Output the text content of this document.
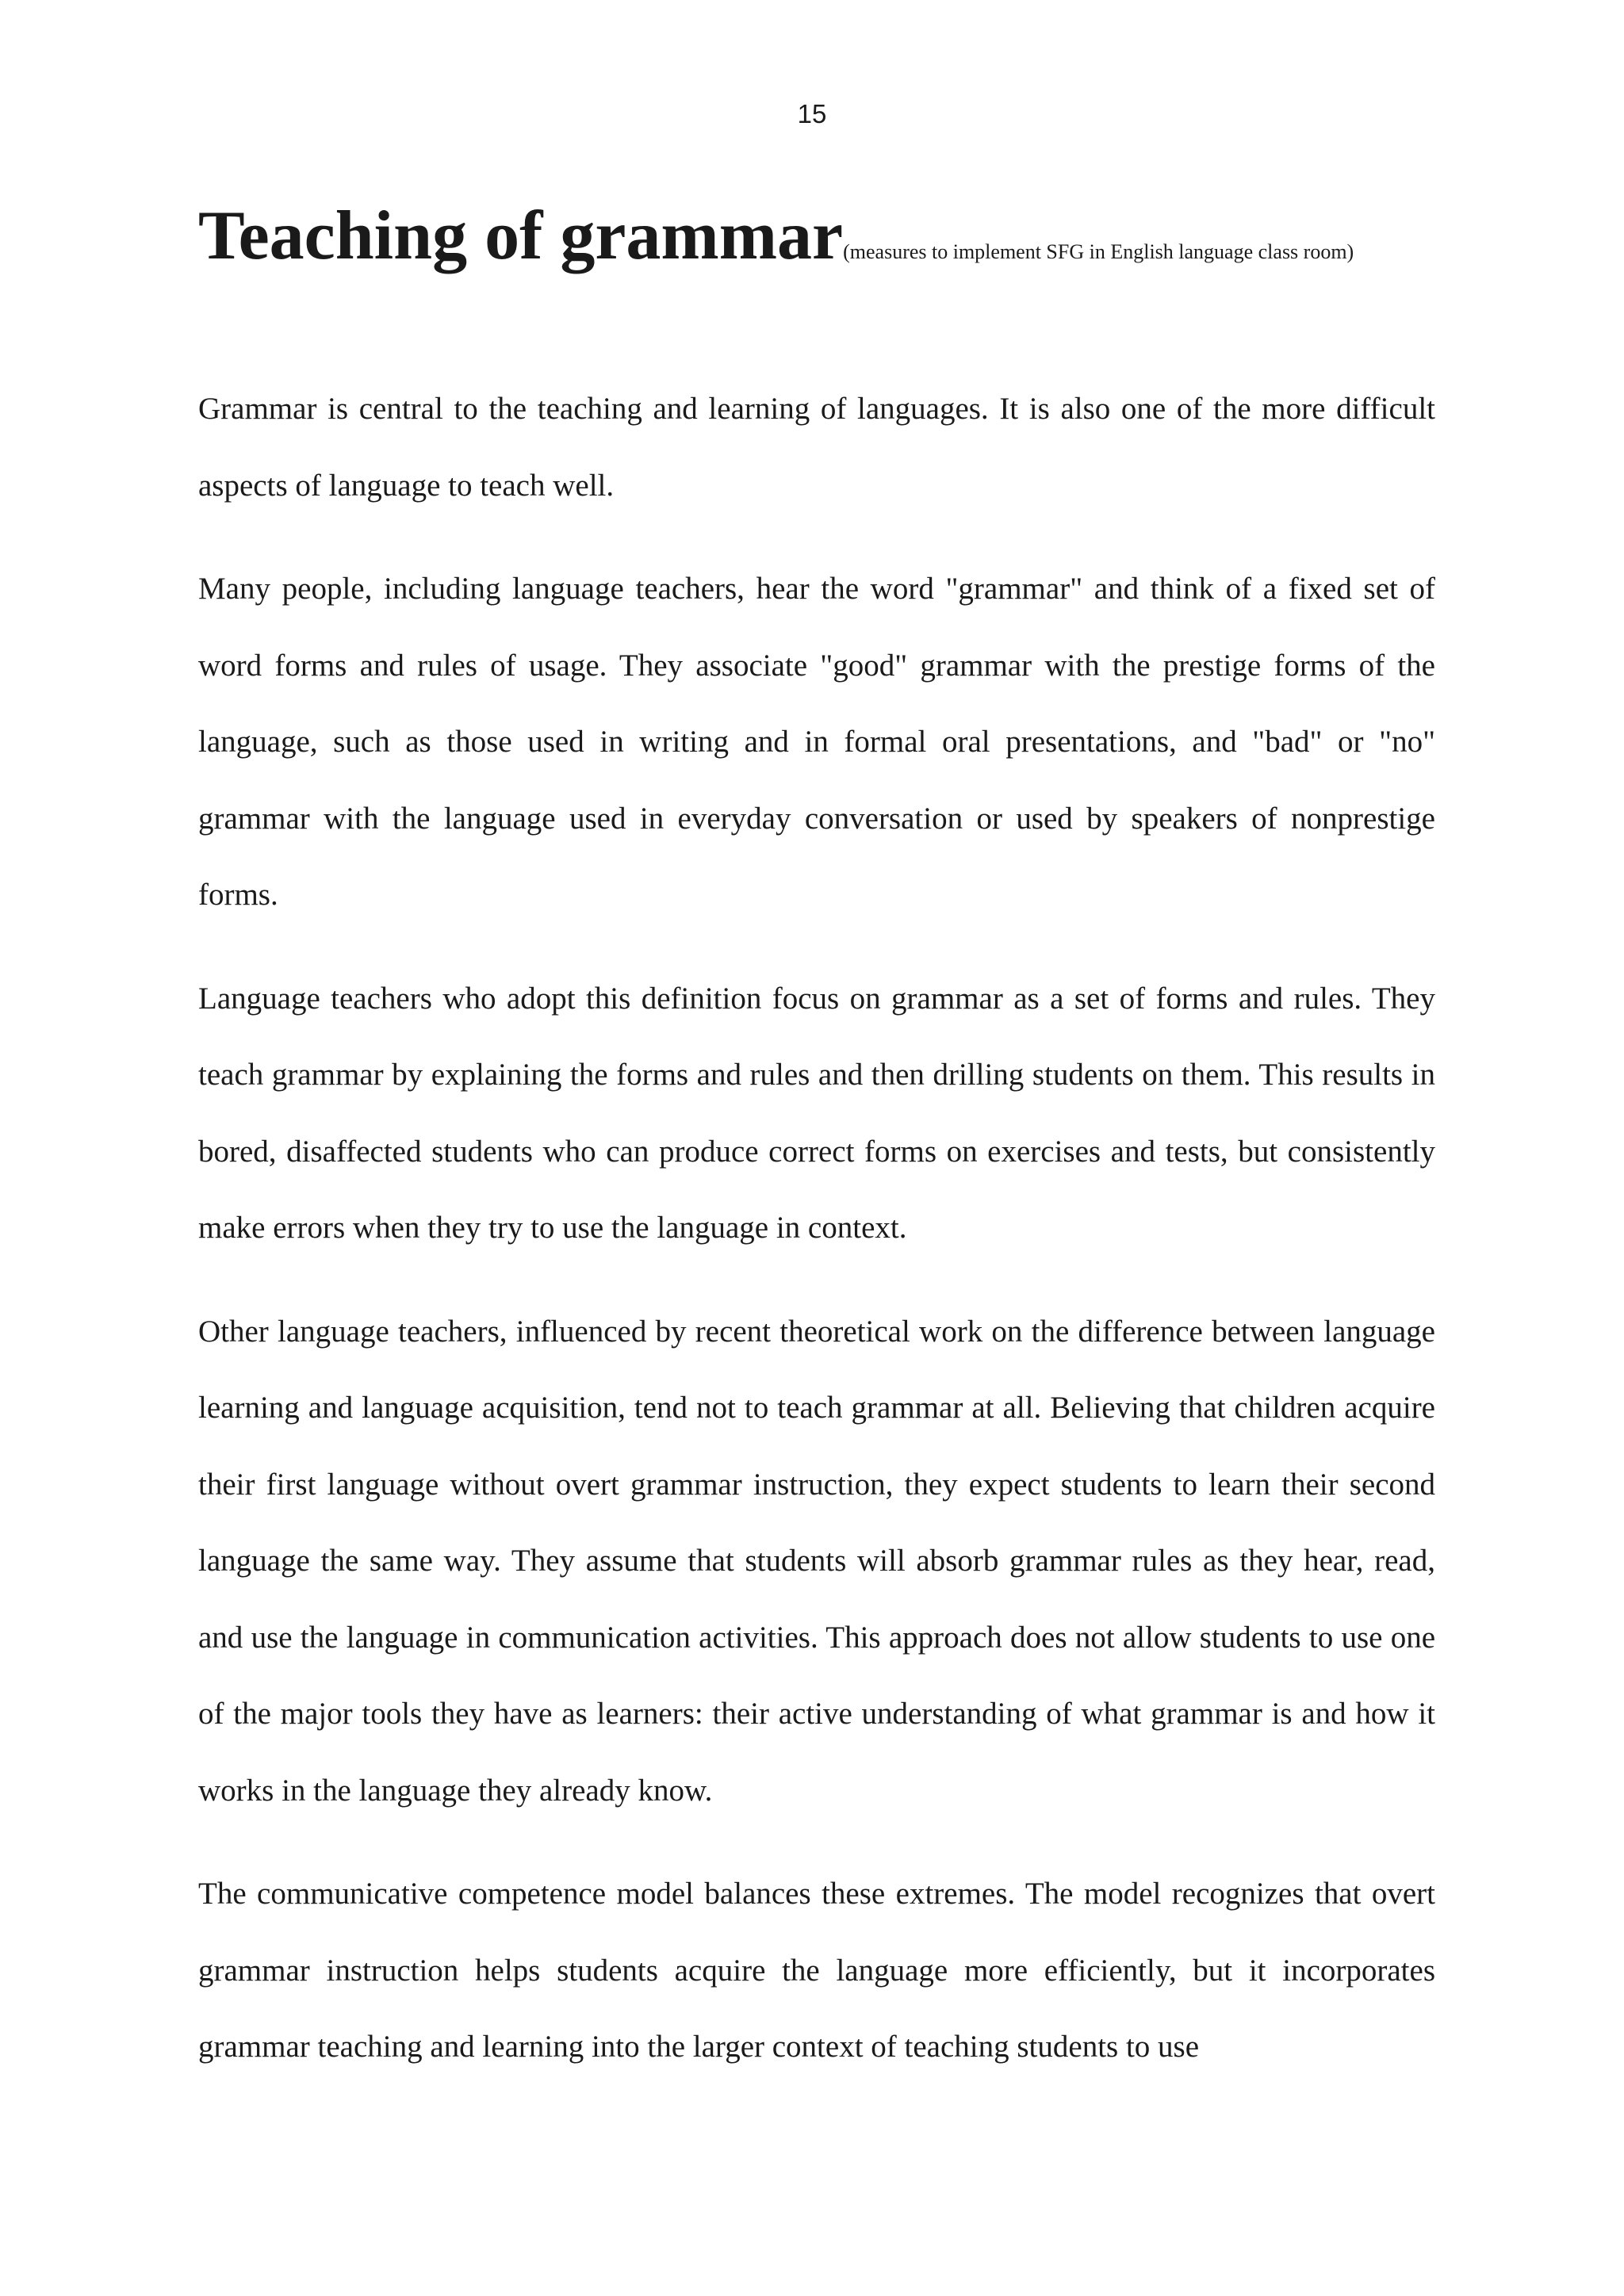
15
Teaching of grammar(measures to implement SFG in English language class room)

Grammar is central to the teaching and learning of languages. It is also one of the more difficult aspects of language to teach well.

Many people, including language teachers, hear the word "grammar" and think of a fixed set of word forms and rules of usage. They associate "good" grammar with the prestige forms of the language, such as those used in writing and in formal oral presentations, and "bad" or "no" grammar with the language used in everyday conversation or used by speakers of nonprestige forms.

Language teachers who adopt this definition focus on grammar as a set of forms and rules. They teach grammar by explaining the forms and rules and then drilling students on them. This results in bored, disaffected students who can produce correct forms on exercises and tests, but consistently make errors when they try to use the language in context.

Other language teachers, influenced by recent theoretical work on the difference between language learning and language acquisition, tend not to teach grammar at all. Believing that children acquire their first language without overt grammar instruction, they expect students to learn their second language the same way. They assume that students will absorb grammar rules as they hear, read, and use the language in communication activities. This approach does not allow students to use one of the major tools they have as learners: their active understanding of what grammar is and how it works in the language they already know.

The communicative competence model balances these extremes. The model recognizes that overt grammar instruction helps students acquire the language more efficiently, but it incorporates grammar teaching and learning into the larger context of teaching students to use
